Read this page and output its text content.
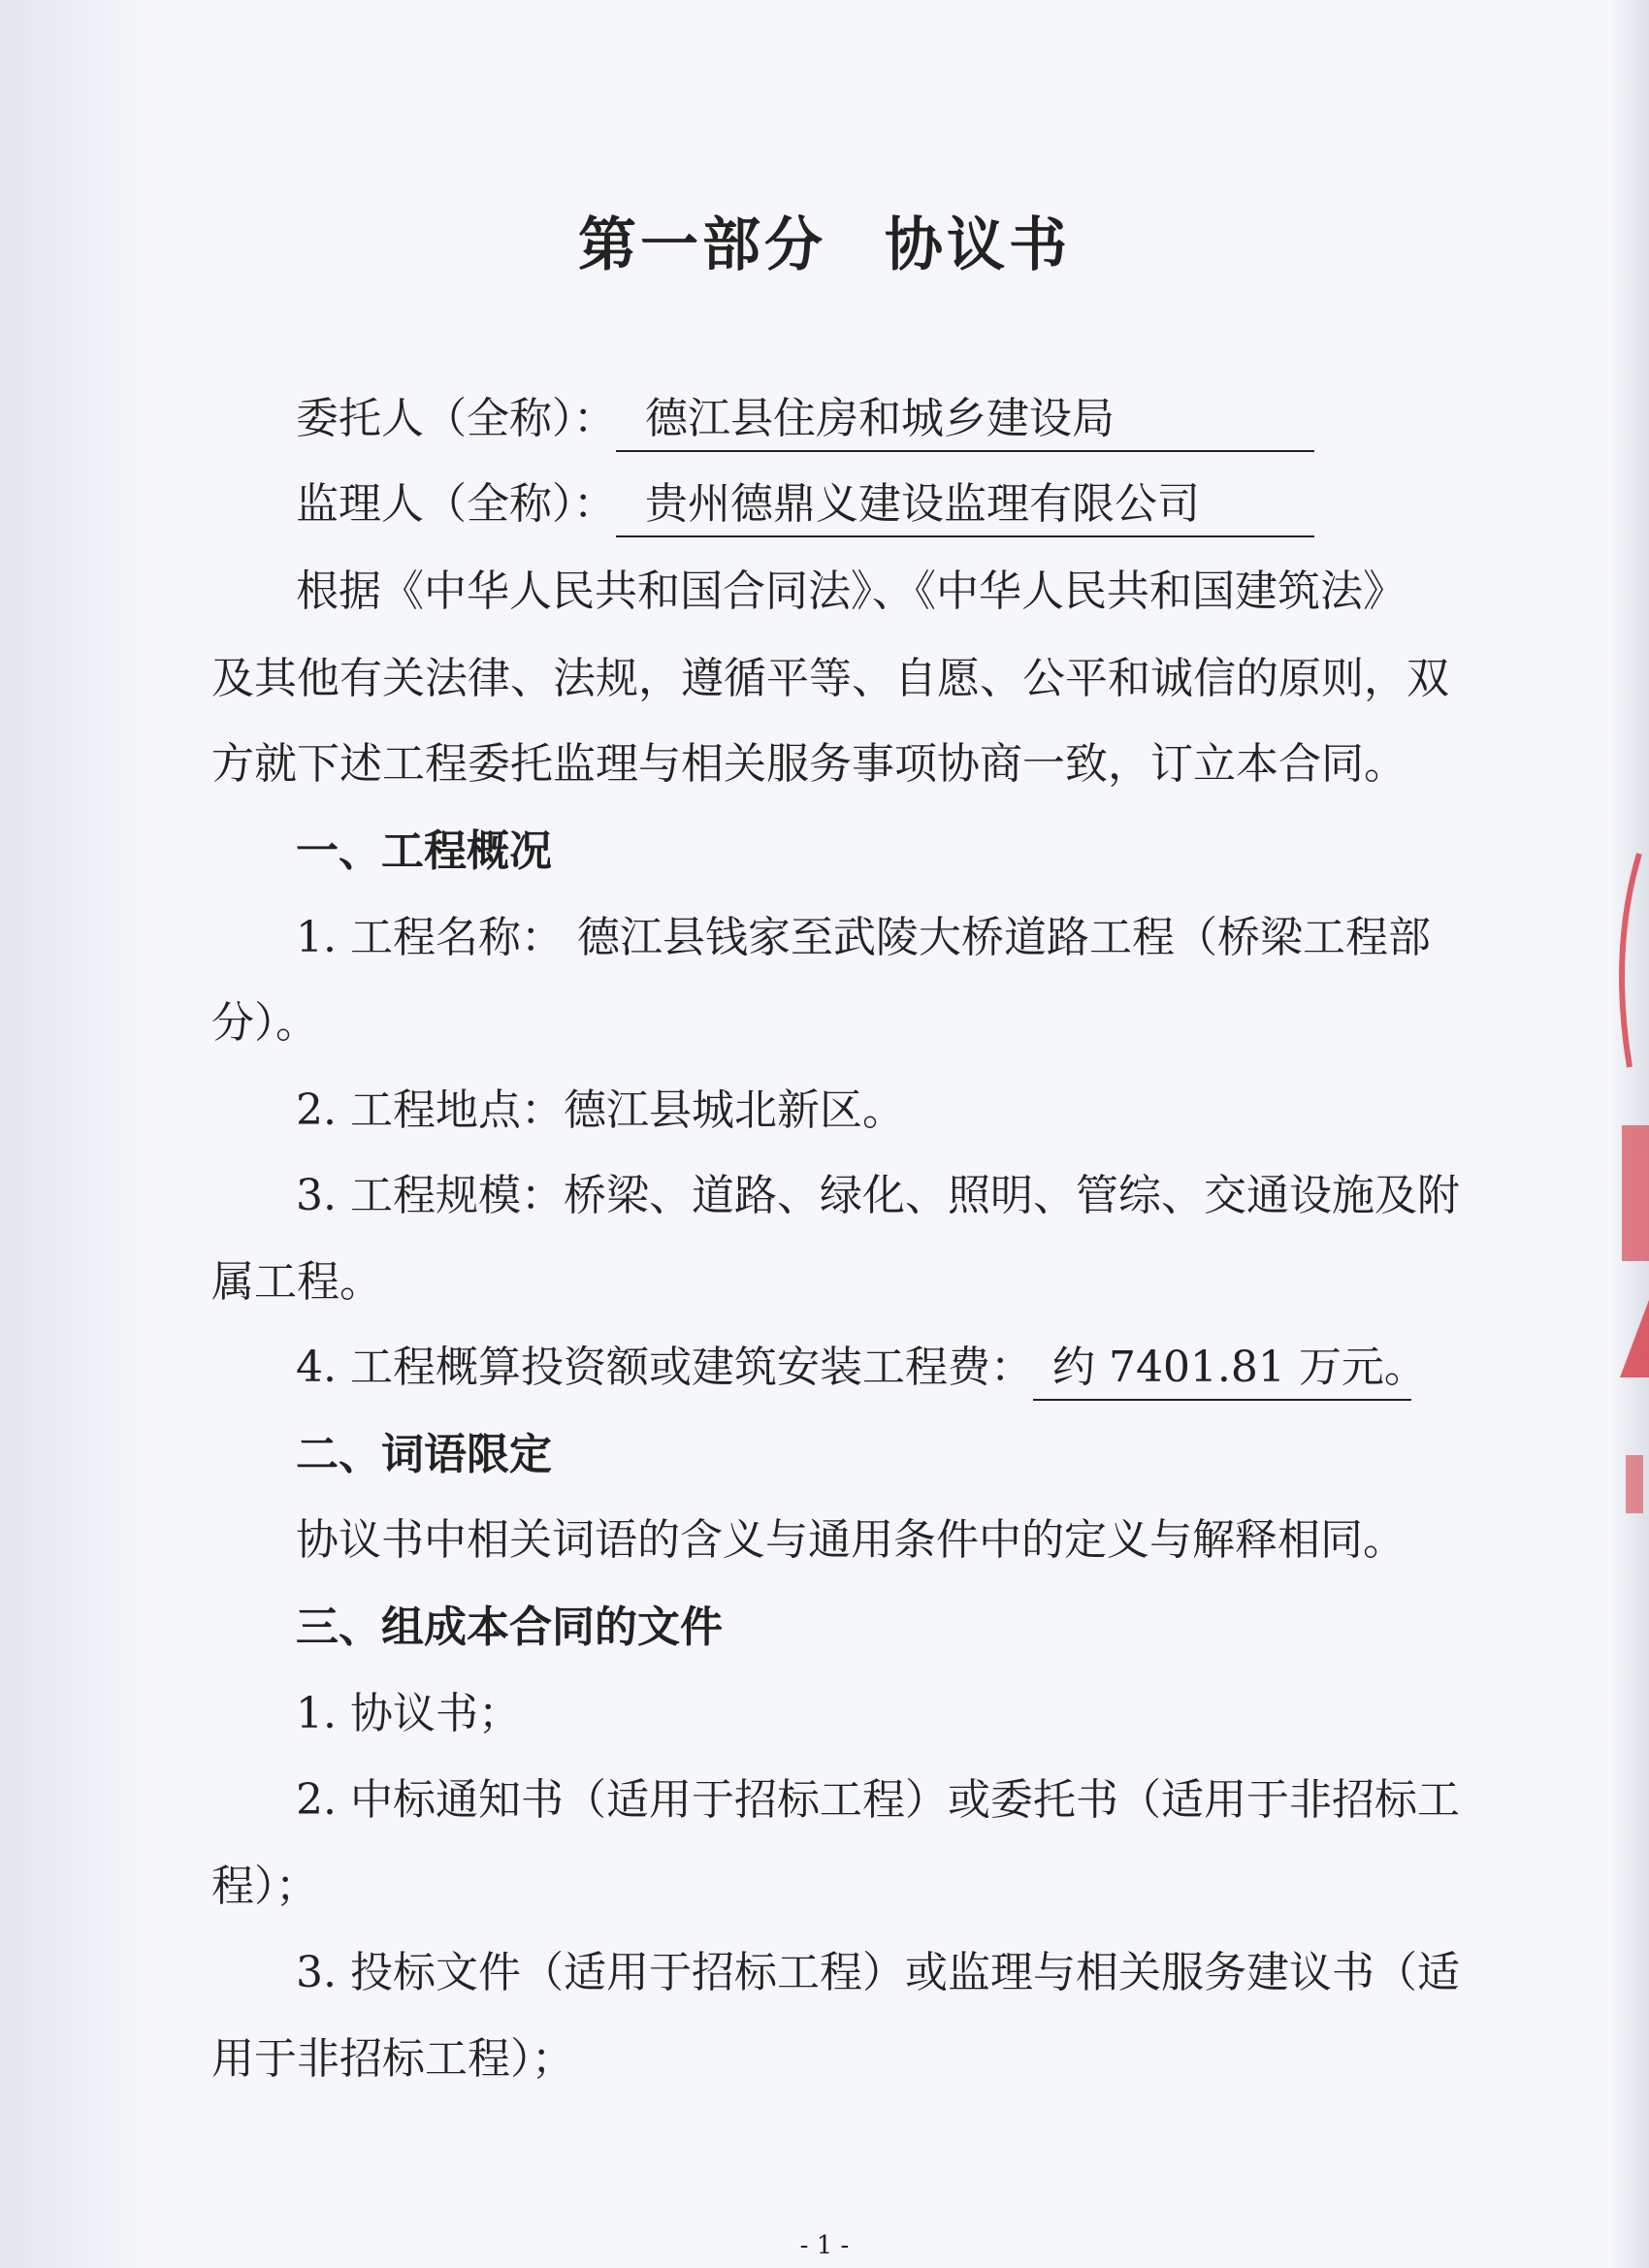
第一部分 协议书
委托人（全称）： 德江县住房和城乡建设局
监理人（全称）： 贵州德鼎义建设监理有限公司
根据《中华人民共和国合同法》、《中华人民共和国建筑法》
及其他有关法律、法规，遵循平等、自愿、公平和诚信的原则，双
方就下述工程委托监理与相关服务事项协商一致，订立本合同。
一、工程概况
1. 工程名称： 德江县钱家至武陵大桥道路工程（桥梁工程部
分）。
2. 工程地点：德江县城北新区。
3. 工程规模：桥梁、道路、绿化、照明、管综、交通设施及附
属工程。
4. 工程概算投资额或建筑安装工程费： 约 7401.81 万元。
二、词语限定
协议书中相关词语的含义与通用条件中的定义与解释相同。
三、组成本合同的文件
1. 协议书；
2. 中标通知书（适用于招标工程）或委托书（适用于非招标工
程）；
3. 投标文件（适用于招标工程）或监理与相关服务建议书（适
用于非招标工程）；
- 1 -
